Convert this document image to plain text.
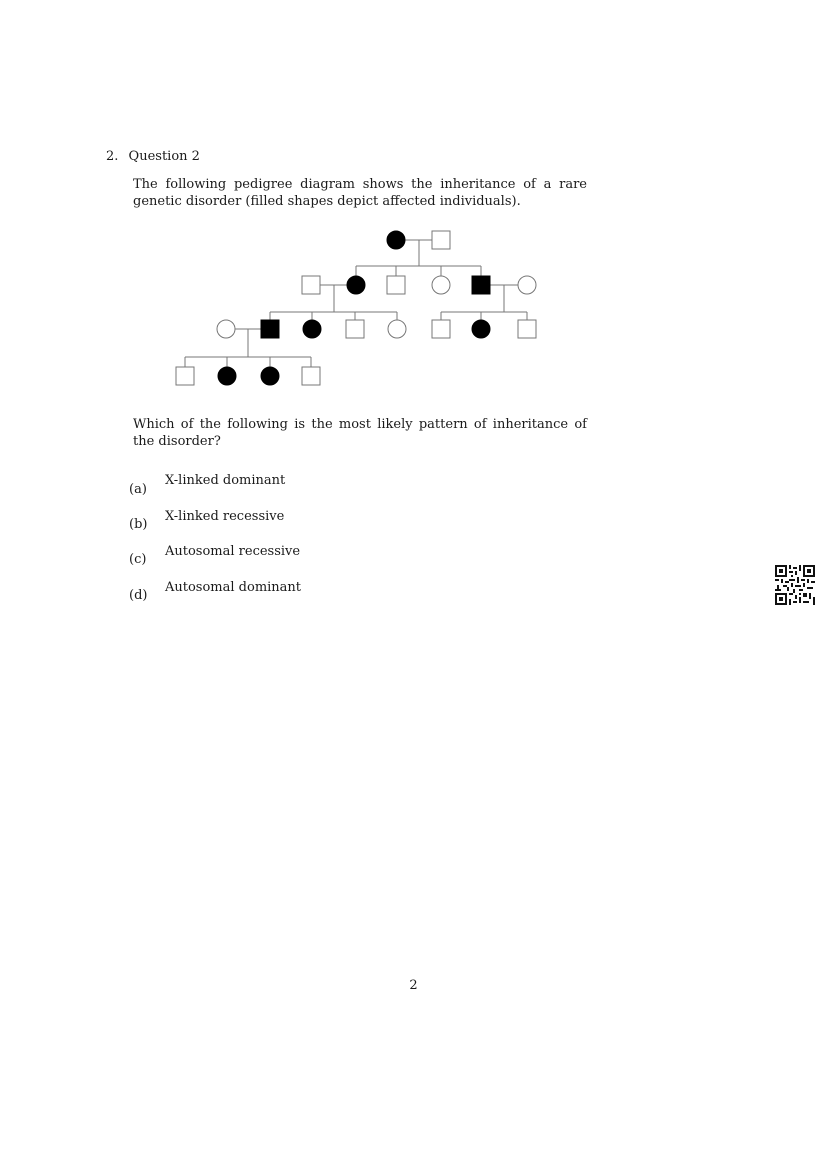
2. Question 2
The following pedigree diagram shows the inheritance of a rare genetic disorder (filled shapes depict affected individuals).
Which of the following is the most likely pattern of inheritance of the disorder?
(a)
X-linked dominant
(b)
X-linked recessive
(c)
Autosomal recessive
(d)
Autosomal dominant
2
